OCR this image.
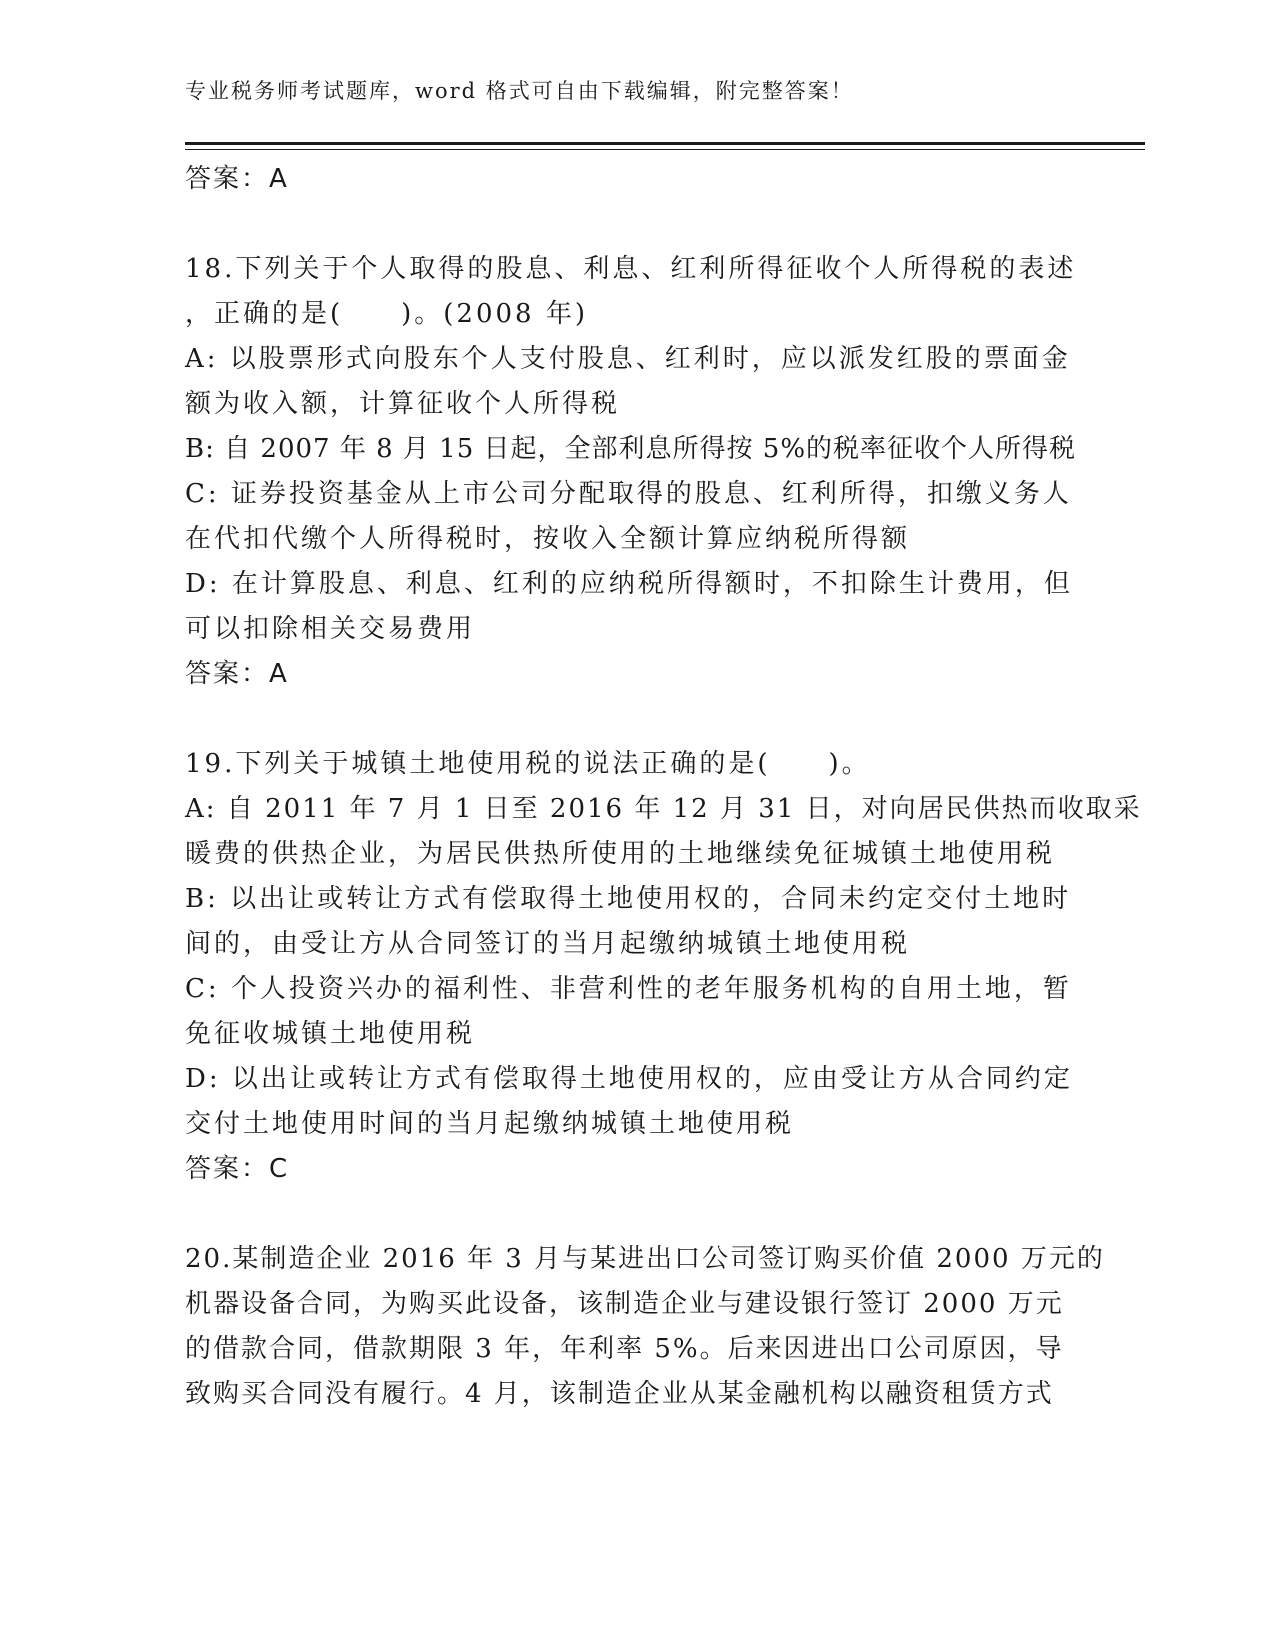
专业税务师考试题库，word 格式可自由下载编辑，附完整答案！
答案：A
18.下列关于个人取得的股息、利息、红利所得征收个人所得税的表述
，正确的是(　　)。(2008 年)
A: 以股票形式向股东个人支付股息、红利时，应以派发红股的票面金
额为收入额，计算征收个人所得税
B: 自 2007 年 8 月 15 日起，全部利息所得按 5%的税率征收个人所得税
C: 证券投资基金从上市公司分配取得的股息、红利所得，扣缴义务人
在代扣代缴个人所得税时，按收入全额计算应纳税所得额
D: 在计算股息、利息、红利的应纳税所得额时，不扣除生计费用，但
可以扣除相关交易费用
答案：A
19.下列关于城镇土地使用税的说法正确的是(　　)。
A: 自 2011 年 7 月 1 日至 2016 年 12 月 31 日，对向居民供热而收取采
暖费的供热企业，为居民供热所使用的土地继续免征城镇土地使用税
B: 以出让或转让方式有偿取得土地使用权的，合同未约定交付土地时
间的，由受让方从合同签订的当月起缴纳城镇土地使用税
C: 个人投资兴办的福利性、非营利性的老年服务机构的自用土地，暂
免征收城镇土地使用税
D: 以出让或转让方式有偿取得土地使用权的，应由受让方从合同约定
交付土地使用时间的当月起缴纳城镇土地使用税
答案：C
20.某制造企业 2016 年 3 月与某进出口公司签订购买价值 2000 万元的
机器设备合同，为购买此设备，该制造企业与建设银行签订 2000 万元
的借款合同，借款期限 3 年，年利率 5%。后来因进出口公司原因，导
致购买合同没有履行。4 月，该制造企业从某金融机构以融资租赁方式
